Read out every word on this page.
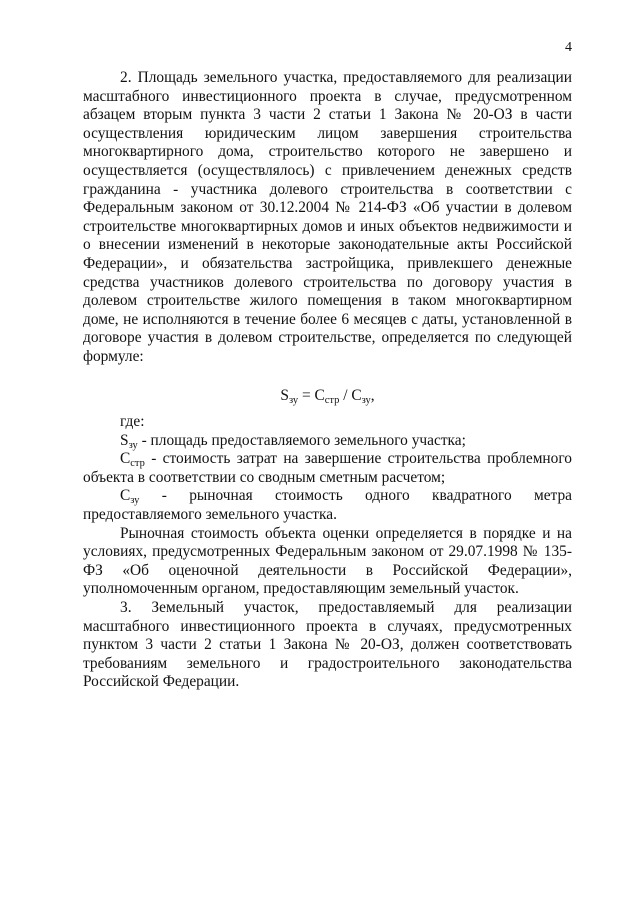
4

2. Площадь земельного участка, предоставляемого для реализации масштабного инвестиционного проекта в случае, предусмотренном абзацем вторым пункта 3 части 2 статьи 1 Закона № 20-ОЗ в части осуществления юридическим лицом завершения строительства многоквартирного дома, строительство которого не завершено и осуществляется (осуществлялось) с привлечением денежных средств гражданина - участника долевого строительства в соответствии с Федеральным законом от 30.12.2004 № 214-ФЗ «Об участии в долевом строительстве многоквартирных домов и иных объектов недвижимости и о внесении изменений в некоторые законодательные акты Российской Федерации», и обязательства застройщика, привлекшего денежные средства участников долевого строительства по договору участия в долевом строительстве жилого помещения в таком многоквартирном доме, не исполняются в течение более 6 месяцев с даты, установленной в договоре участия в долевом строительстве, определяется по следующей формуле:

$S_{зу} = С_{стр} / С_{зу}$,

где:

$S_{зу}$ - площадь предоставляемого земельного участка;

$С_{стр}$ - стоимость затрат на завершение строительства проблемного объекта в соответствии со сводным сметным расчетом;

$С_{зу}$ - рыночная стоимость одного квадратного метра предоставляемого земельного участка.

Рыночная стоимость объекта оценки определяется в порядке и на условиях, предусмотренных Федеральным законом от 29.07.1998 № 135-ФЗ «Об оценочной деятельности в Российской Федерации», уполномоченным органом, предоставляющим земельный участок.

3. Земельный участок, предоставляемый для реализации масштабного инвестиционного проекта в случаях, предусмотренных пунктом 3 части 2 статьи 1 Закона № 20-ОЗ, должен соответствовать требованиям земельного и градостроительного законодательства Российской Федерации.
